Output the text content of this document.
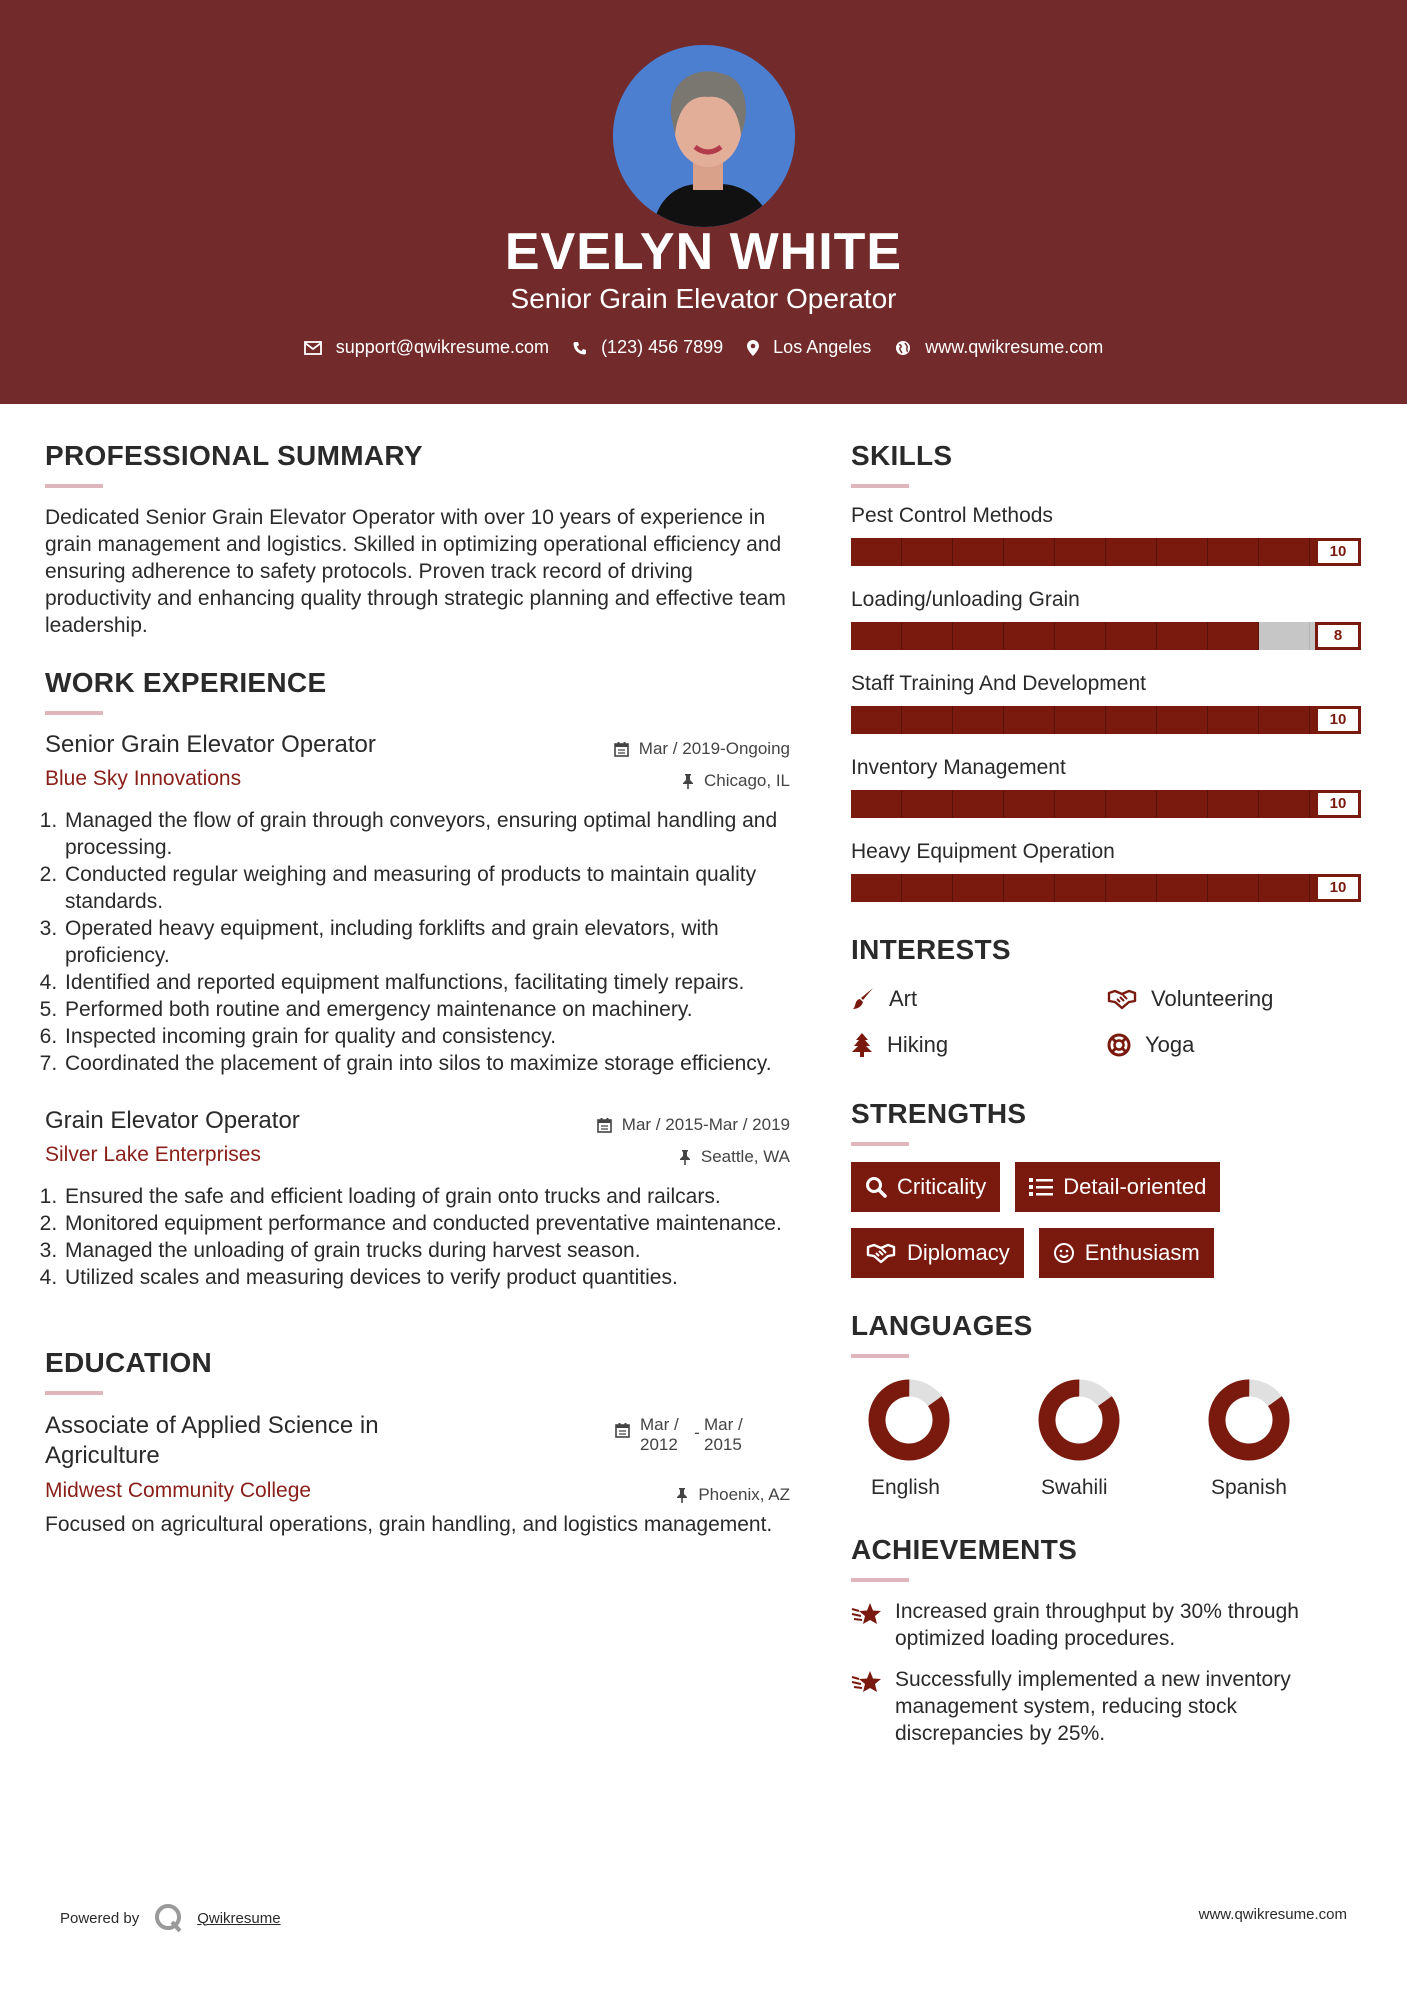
EVELYN WHITE
Senior Grain Elevator Operator
support@qwikresume.com	(123) 456 7899	Los Angeles	www.qwikresume.com
PROFESSIONAL SUMMARY
Dedicated Senior Grain Elevator Operator with over 10 years of experience in grain management and logistics. Skilled in optimizing operational efficiency and ensuring adherence to safety protocols. Proven track record of driving productivity and enhancing quality through strategic planning and effective team leadership.
WORK EXPERIENCE
Mar / 2019-Ongoing
Chicago, IL
Senior Grain Elevator Operator
Blue Sky Innovations
1. Managed the flow of grain through conveyors, ensuring optimal handling and processing.
2. Conducted regular weighing and measuring of products to maintain quality standards.
3. Operated heavy equipment, including forklifts and grain elevators, with proficiency.
4. Identified and reported equipment malfunctions, facilitating timely repairs.
5. Performed both routine and emergency maintenance on machinery.
6. Inspected incoming grain for quality and consistency.
7. Coordinated the placement of grain into silos to maximize storage efficiency.
Mar / 2015-Mar / 2019
Seattle, WA
Grain Elevator Operator
Silver Lake Enterprises
1. Ensured the safe and efficient loading of grain onto trucks and railcars.
2. Monitored equipment performance and conducted preventative maintenance.
3. Managed the unloading of grain trucks during harvest season.
4. Utilized scales and measuring devices to verify product quantities.
EDUCATION
Mar / 2012
- Mar / 2015
Phoenix, AZ
Associate of Applied Science in Agriculture
Midwest Community College
Focused on agricultural operations, grain handling, and logistics management.
SKILLS
Pest Control Methods
10
Loading/unloading Grain
8
Staff Training And Development
10
Inventory Management
10
Heavy Equipment Operation
10
INTERESTS
Art	Volunteering
Hiking	Yoga
STRENGTHS
Criticality	Detail-oriented
Diplomacy	Enthusiasm
LANGUAGES
English	Swahili	Spanish
ACHIEVEMENTS
Increased grain throughput by 30% through optimized loading procedures.
Successfully implemented a new inventory management system, reducing stock discrepancies by 25%.
Powered by	Qwikresume	www.qwikresume.com
